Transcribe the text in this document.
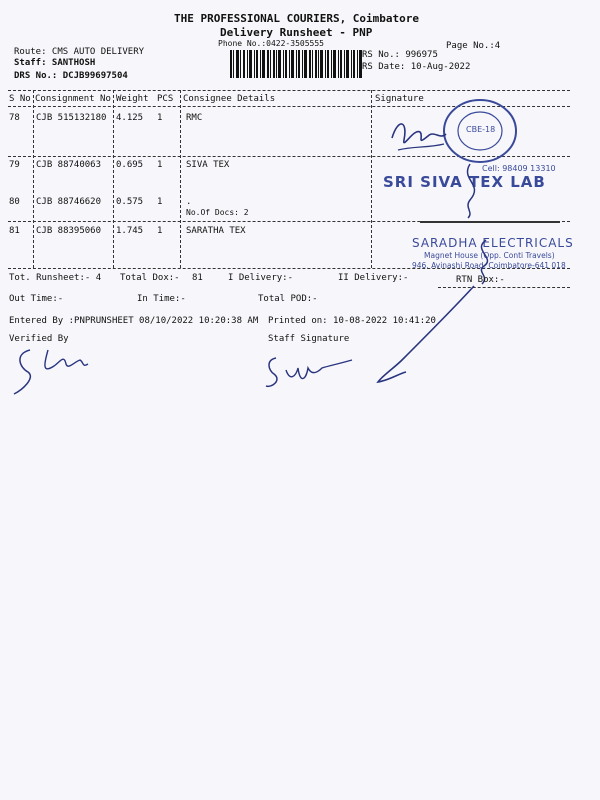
THE PROFESSIONAL COURIERS, Coimbatore
Delivery Runsheet - PNP
Phone No.:0422-3505555	Page No.:4
Route: CMS AUTO DELIVERY
Staff: SANTHOSH
DRS No.: DCJB99697504
RS No.: 996975
RS Date: 10-Aug-2022
S No Consignment No Weight PCS Consignee Details	Signature
78 CJB 515132180 4.125 1	RMC
79 CJB 88740063 0.695 1	SIVA TEX
80 CJB 88746620 0.575 1	.
No.Of Docs: 2
81 CJB 88395060 1.745 1	SARATHA TEX
CBE-18
SRI SIVA TEX LAB
Cell: 98409 13310
SARADHA ELECTRICALS
Magnet House (Opp. Conti Travels)
946, Avinashi Road, Coimbatore-641 018
Tot. Runsheet:- 4 Total Dox:- 81	I Delivery:-	II Delivery:-	RTN Box:-
Out Time:-	In Time:-	Total POD:-
Entered By :PNPRUNSHEET 08/10/2022 10:20:38 AM Printed on: 10-08-2022 10:41:20
Verified By	Staff Signature
